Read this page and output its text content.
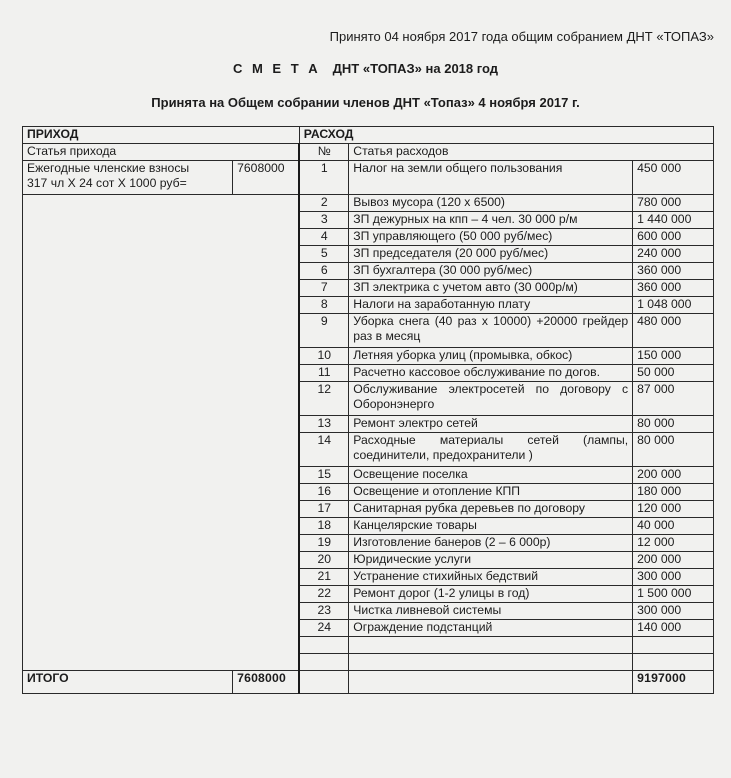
Принято 04 ноября 2017 года общим собранием ДНТ «ТОПАЗ»
С М Е Т А ДНТ «ТОПАЗ» на 2018 год
Принята на Общем собрании членов ДНТ «Топаз» 4 ноября 2017 г.
ПРИХОД		РАСХОД		
Статья прихода		№	Статья расходов	

Ежегодные членские взносы
317 чл X 24 сот X 1000 руб=	7608000	1	Налог на земли общего пользования	450 000
		2	Вывоз мусора (120 x 6500)	780 000
		3	ЗП дежурных на кпп – 4 чел. 30 000 р/м	1 440 000
		4	ЗП управляющего (50 000 руб/мес)	600 000
		5	ЗП председателя (20 000 руб/мес)	240 000
		6	ЗП бухгалтера (30 000 руб/мес)	360 000
		7	ЗП электрика с учетом авто (30 000р/м)	360 000
		8	Налоги на заработанную плату	1 048 000
		9	Уборка снега (40 раз х 10000) +20000 грейдер раз в месяц	480 000
		10	Летняя уборка улиц (промывка, обкос)	150 000
		11	Расчетно кассовое обслуживание по догов.	50 000
		12	Обслуживание электросетей по договору с Оборонэнерго	87 000
		13	Ремонт электро сетей	80 000
		14	Расходные материалы сетей (лампы, соединители, предохранители )	80 000
		15	Освещение поселка	200 000
		16	Освещение и отопление КПП	180 000
		17	Санитарная рубка деревьев по договору	120 000
		18	Канцелярские товары	40 000
		19	Изготовление банеров (2 – 6 000р)	12 000
		20	Юридические услуги	200 000
		21	Устранение стихийных бедствий	300 000
		22	Ремонт дорог (1-2 улицы в год)	1 500 000
		23	Чистка ливневой системы	300 000
		24	Ограждение подстанций	140 000

ИТОГО	7608000			9197000
